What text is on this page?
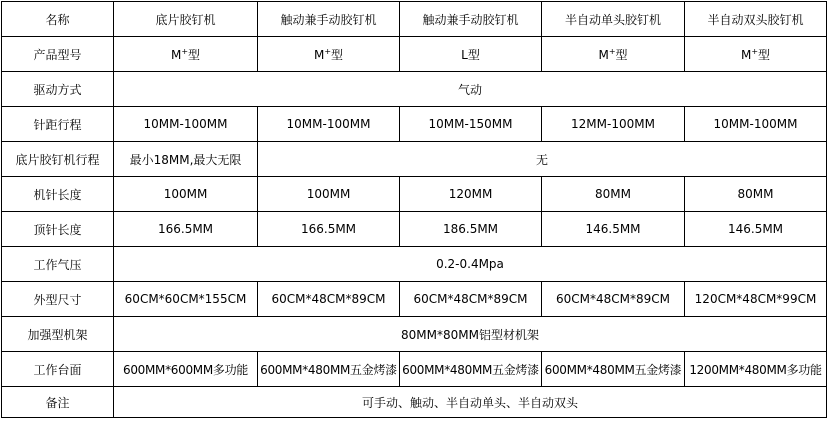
名称	底片胶钉机	触动兼手动胶钉机	触动兼手动胶钉机	半自动单头胶钉机	半自动双头胶钉机
产品型号	M+型	M+型	L型	M+型	M+型
驱动方式	气动				
针距行程	10MM-100MM	10MM-100MM	10MM-150MM	12MM-100MM	10MM-100MM
底片胶钉机行程	最小18MM,最大无限	无			
机针长度	100MM	100MM	120MM	80MM	80MM
顶针长度	166.5MM	166.5MM	186.5MM	146.5MM	146.5MM
工作气压	0.2-0.4Mpa				
外型尺寸	60CM*60CM*155CM	60CM*48CM*89CM	60CM*48CM*89CM	60CM*48CM*89CM	120CM*48CM*99CM
加强型机架	80MM*80MM铝型材机架				
工作台面	600MM*600MM多功能	600MM*480MM五金烤漆	600MM*480MM五金烤漆	600MM*480MM五金烤漆	1200MM*480MM多功能
备注	可手动、触动、半自动单头、半自动双头				
